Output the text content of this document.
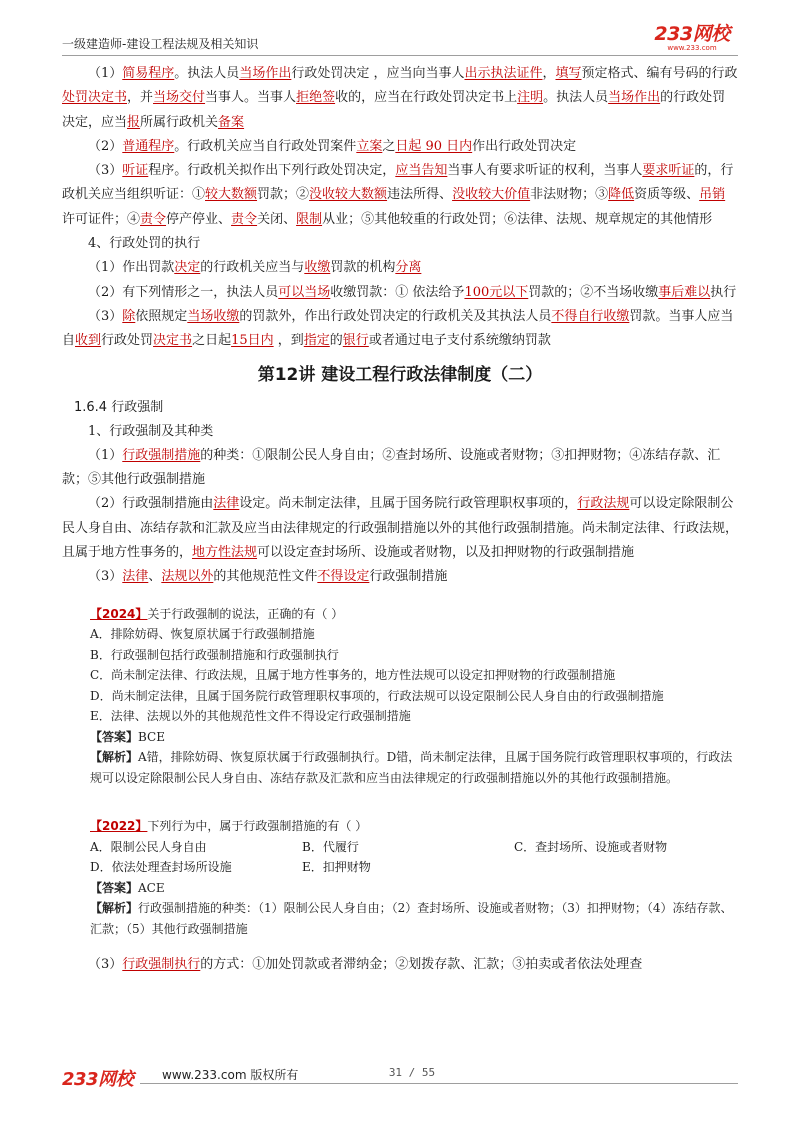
一级建造师-建设工程法规及相关知识	233网校
www.233.com

（1）简易程序。执法人员当场作出行政处罚决定 ，应当向当事人出示执法证件，填写预定格式、编有号码的行政处罚决定书，并当场交付当事人。当事人拒绝签收的，应当在行政处罚决定书上注明。执法人员当场作出的行政处罚决定，应当报所属行政机关备案

（2）普通程序。行政机关应当自行政处罚案件立案之日起 90 日内作出行政处罚决定

（3）听证程序。行政机关拟作出下列行政处罚决定，应当告知当事人有要求听证的权利，当事人要求听证的，行政机关应当组织听证：①较大数额罚款；②没收较大数额违法所得、没收较大价值非法财物；③降低资质等级、吊销许可证件；④责令停产停业、责令关闭、限制从业；⑤其他较重的行政处罚；⑥法律、法规、规章规定的其他情形

4、行政处罚的执行

（1）作出罚款决定的行政机关应当与收缴罚款的机构分离

（2）有下列情形之一，执法人员可以当场收缴罚款：① 依法给予100元以下罚款的；②不当场收缴事后难以执行

（3）除依照规定当场收缴的罚款外，作出行政处罚决定的行政机关及其执法人员不得自行收缴罚款。当事人应当自收到行政处罚决定书之日起15日内 ，到指定的银行或者通过电子支付系统缴纳罚款

第12讲 建设工程行政法律制度（二）
1.6.4 行政强制

1、行政强制及其种类

（1）行政强制措施的种类：①限制公民人身自由；②查封场所、设施或者财物；③扣押财物；④冻结存款、汇款；⑤其他行政强制措施

（2）行政强制措施由法律设定。尚未制定法律，且属于国务院行政管理职权事项的，行政法规可以设定除限制公民人身自由、冻结存款和汇款及应当由法律规定的行政强制措施以外的其他行政强制措施。尚未制定法律、行政法规，且属于地方性事务的，地方性法规可以设定查封场所、设施或者财物，以及扣押财物的行政强制措施

（3）法律、法规以外的其他规范性文件不得设定行政强制措施

【2024】关于行政强制的说法，正确的有（ ）

A．排除妨碍、恢复原状属于行政强制措施

B．行政强制包括行政强制措施和行政强制执行

C．尚未制定法律、行政法规，且属于地方性事务的，地方性法规可以设定扣押财物的行政强制措施

D．尚未制定法律，且属于国务院行政管理职权事项的，行政法规可以设定限制公民人身自由的行政强制措施

E．法律、法规以外的其他规范性文件不得设定行政强制措施

【答案】BCE

【解析】A错，排除妨碍、恢复原状属于行政强制执行。D错，尚未制定法律，且属于国务院行政管理职权事项的，行政法规可以设定除限制公民人身自由、冻结存款及汇款和应当由法律规定的行政强制措施以外的其他行政强制措施。

【2022】下列行为中，属于行政强制措施的有（ ）

A．限制公民人身自由	B．代履行	C．查封场所、设施或者财物
D．依法处理查封场所设施	E．扣押财物

【答案】ACE

【解析】行政强制措施的种类：（1）限制公民人身自由；（2）查封场所、设施或者财物；（3）扣押财物；（4）冻结存款、汇款；（5）其他行政强制措施

（3）行政强制执行的方式：①加处罚款或者滞纳金；②划拨存款、汇款；③拍卖或者依法处理查

233网校 www.233.com 版权所有	31 / 55
